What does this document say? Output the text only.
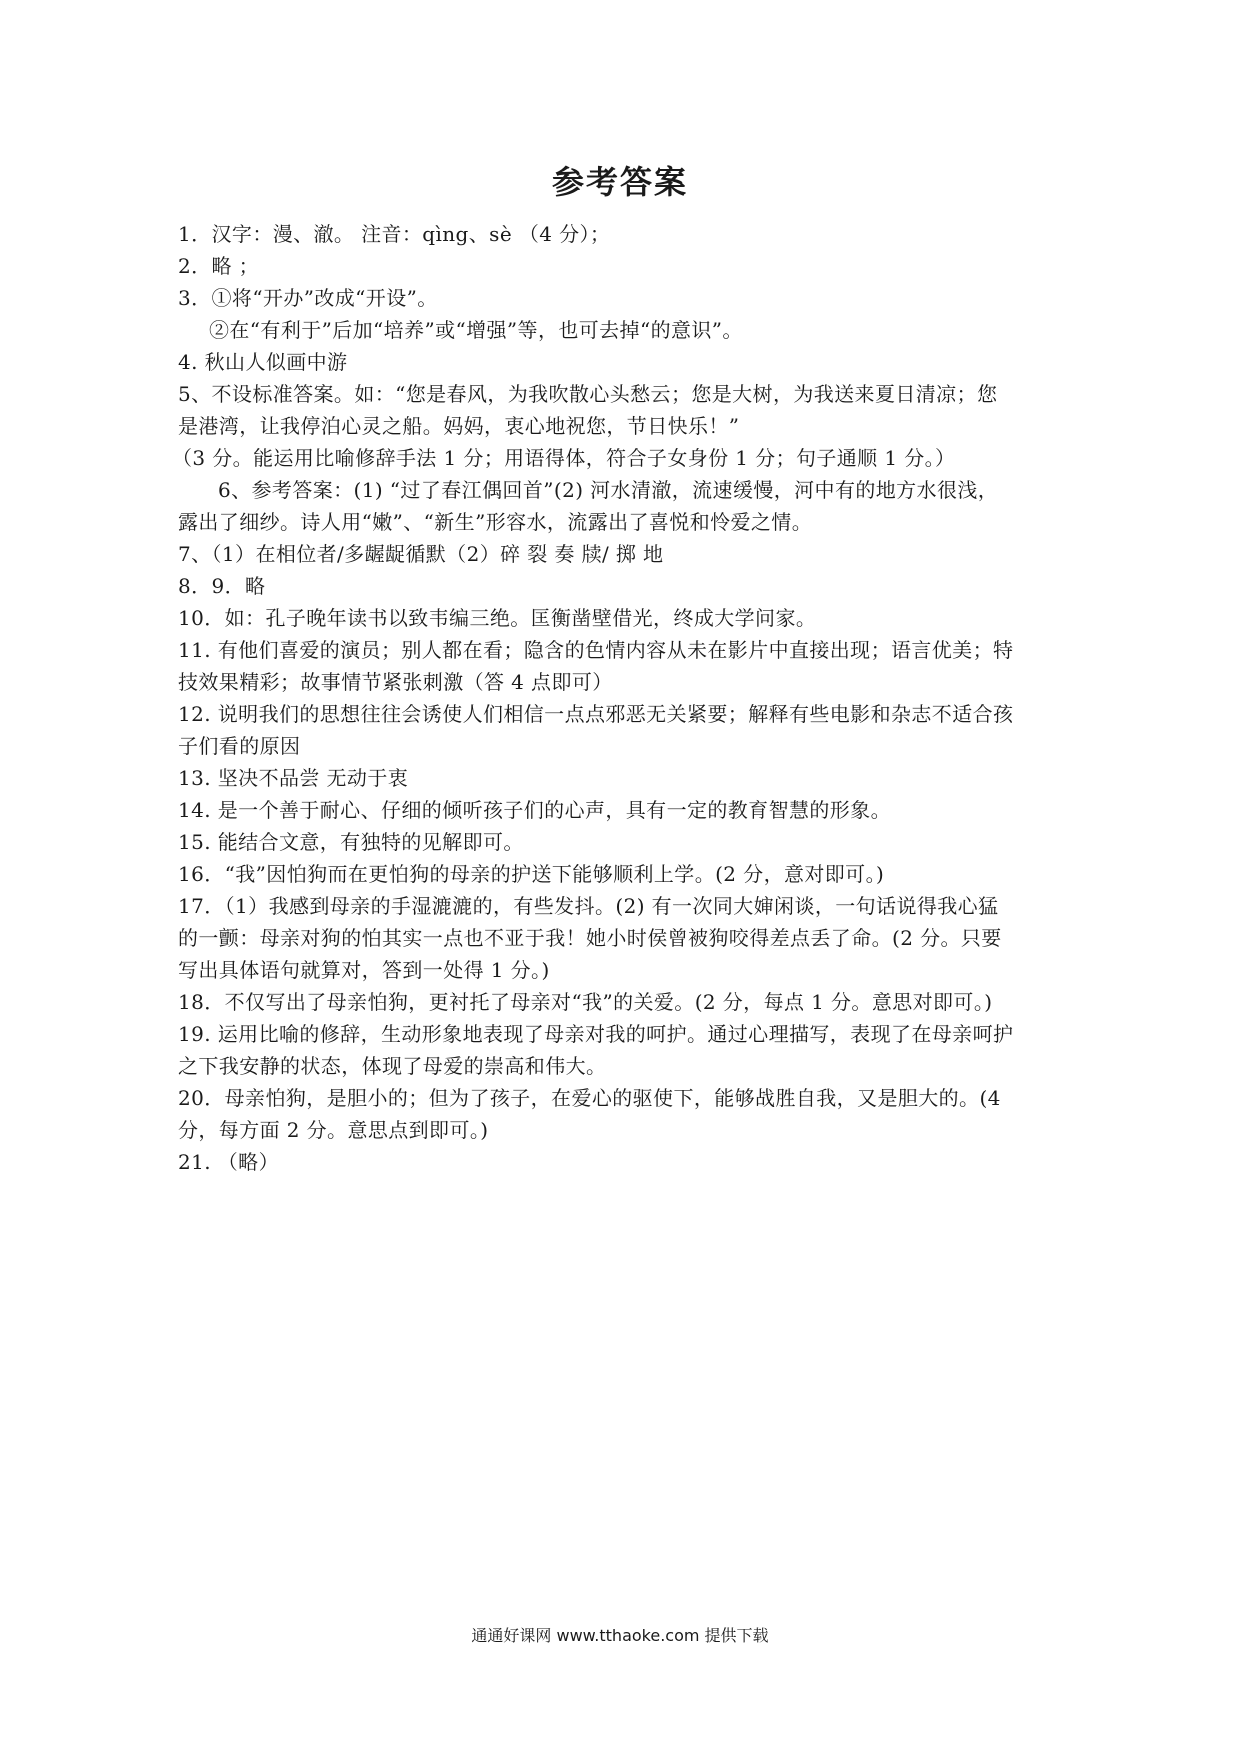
参考答案
1．汉字：漫、澈。 注音：qìng、sè （4 分）；
2．略 ；
3．①将“开办”改成“开设”。
②在“有利于”后加“培养”或“增强”等，也可去掉“的意识”。
4. 秋山人似画中游
5、不设标准答案。如：“您是春风，为我吹散心头愁云；您是大树，为我送来夏日清凉；您
是港湾，让我停泊心灵之船。妈妈，衷心地祝您，节日快乐！”
（3 分。能运用比喻修辞手法 1 分；用语得体，符合子女身份 1 分；句子通顺 1 分。）
6、参考答案：(1) “过了春江偶回首”(2) 河水清澈，流速缓慢，河中有的地方水很浅，
露出了细纱。诗人用“嫩”、“新生”形容水，流露出了喜悦和怜爱之情。
7、（1）在相位者/多龌龊循默（2）碎 裂 奏 牍/ 掷 地
8．9．略
10．如：孔子晚年读书以致韦编三绝。匡衡凿壁借光，终成大学问家。
11. 有他们喜爱的演员；别人都在看；隐含的色情内容从未在影片中直接出现；语言优美；特
技效果精彩；故事情节紧张刺激（答 4 点即可）
12. 说明我们的思想往往会诱使人们相信一点点邪恶无关紧要；解释有些电影和杂志不适合孩
子们看的原因
13. 坚决不品尝 无动于衷
14. 是一个善于耐心、仔细的倾听孩子们的心声，具有一定的教育智慧的形象。
15. 能结合文意，有独特的见解即可。
16．“我”因怕狗而在更怕狗的母亲的护送下能够顺利上学。(2 分，意对即可。)
17．（1）我感到母亲的手湿漉漉的，有些发抖。(2) 有一次同大婶闲谈，一句话说得我心猛
的一颤：母亲对狗的怕其实一点也不亚于我！她小时侯曾被狗咬得差点丢了命。(2 分。只要
写出具体语句就算对，答到一处得 1 分。)
18．不仅写出了母亲怕狗，更衬托了母亲对“我”的关爱。(2 分，每点 1 分。意思对即可。)
19. 运用比喻的修辞，生动形象地表现了母亲对我的呵护。通过心理描写，表现了在母亲呵护
之下我安静的状态，体现了母爱的崇高和伟大。
20．母亲怕狗，是胆小的；但为了孩子，在爱心的驱使下，能够战胜自我，又是胆大的。(4
分，每方面 2 分。意思点到即可。)
21. （略）
通通好课网 www.tthaoke.com 提供下载
